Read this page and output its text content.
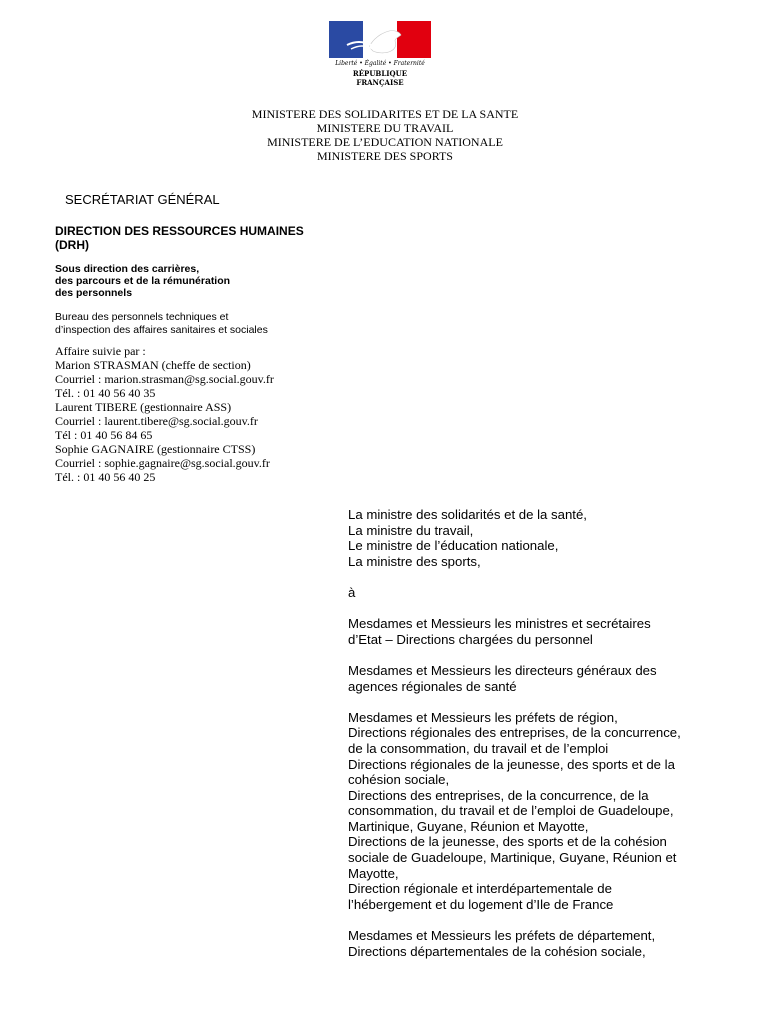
Liberté • Égalité • Fraternité
RÉPUBLIQUE FRANÇAISE
MINISTERE DES SOLIDARITES ET DE LA SANTE
MINISTERE DU TRAVAIL
MINISTERE DE L’EDUCATION NATIONALE
MINISTERE DES SPORTS
SECRÉTARIAT GÉNÉRAL
DIRECTION DES RESSOURCES HUMAINES
(DRH)
Sous direction des carrières,
des parcours et de la rémunération
des personnels
Bureau des personnels techniques et
d’inspection des affaires sanitaires et sociales
Affaire suivie par :
Marion STRASMAN (cheffe de section)
Courriel : marion.strasman@sg.social.gouv.fr
Tél. : 01 40 56 40 35
Laurent TIBERE (gestionnaire ASS)
Courriel : laurent.tibere@sg.social.gouv.fr
Tél : 01 40 56 84 65
Sophie GAGNAIRE (gestionnaire CTSS)
Courriel : sophie.gagnaire@sg.social.gouv.fr
Tél. : 01 40 56 40 25
La ministre des solidarités et de la santé,
La ministre du travail,
Le ministre de l’éducation nationale,
La ministre des sports,
à
Mesdames et Messieurs les ministres et secrétaires
d’Etat – Directions chargées du personnel
Mesdames et Messieurs les directeurs généraux des
agences régionales de santé
Mesdames et Messieurs les préfets de région,
Directions régionales des entreprises, de la concurrence,
de la consommation, du travail et de l’emploi
Directions régionales de la jeunesse, des sports et de la
cohésion sociale,
Directions des entreprises, de la concurrence, de la
consommation, du travail et de l’emploi de Guadeloupe,
Martinique, Guyane, Réunion et Mayotte,
Directions de la jeunesse, des sports et de la cohésion
sociale de Guadeloupe, Martinique, Guyane, Réunion et
Mayotte,
Direction régionale et interdépartementale de
l’hébergement et du logement d’Ile de France
Mesdames et Messieurs les préfets de département,
Directions départementales de la cohésion sociale,
